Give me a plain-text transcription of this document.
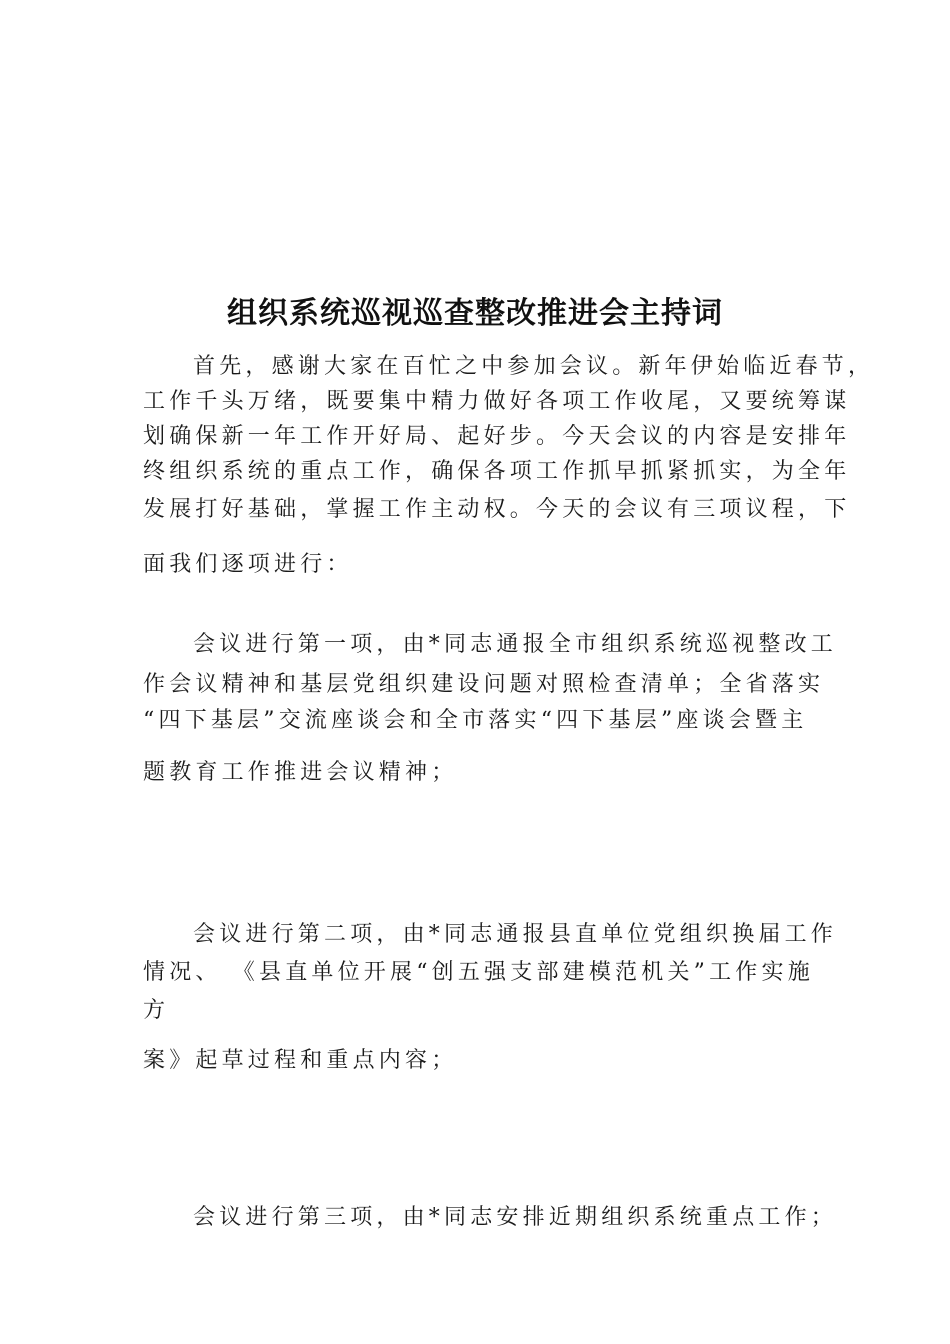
组织系统巡视巡查整改推进会主持词
首先，感谢大家在百忙之中参加会议。新年伊始临近春节，
工作千头万绪，既要集中精力做好各项工作收尾，又要统筹谋
划确保新一年工作开好局、起好步。今天会议的内容是安排年
终组织系统的重点工作，确保各项工作抓早抓紧抓实，为全年
发展打好基础，掌握工作主动权。今天的会议有三项议程，下
面我们逐项进行：
会议进行第一项，由*同志通报全市组织系统巡视整改工
作会议精神和基层党组织建设问题对照检查清单；全省落实
“四下基层”交流座谈会和全市落实“四下基层”座谈会暨主
题教育工作推进会议精神；
会议进行第二项，由*同志通报县直单位党组织换届工作
情况、 《县直单位开展“创五强支部建模范机关”工作实施
方
案》起草过程和重点内容；
会议进行第三项，由*同志安排近期组织系统重点工作；
